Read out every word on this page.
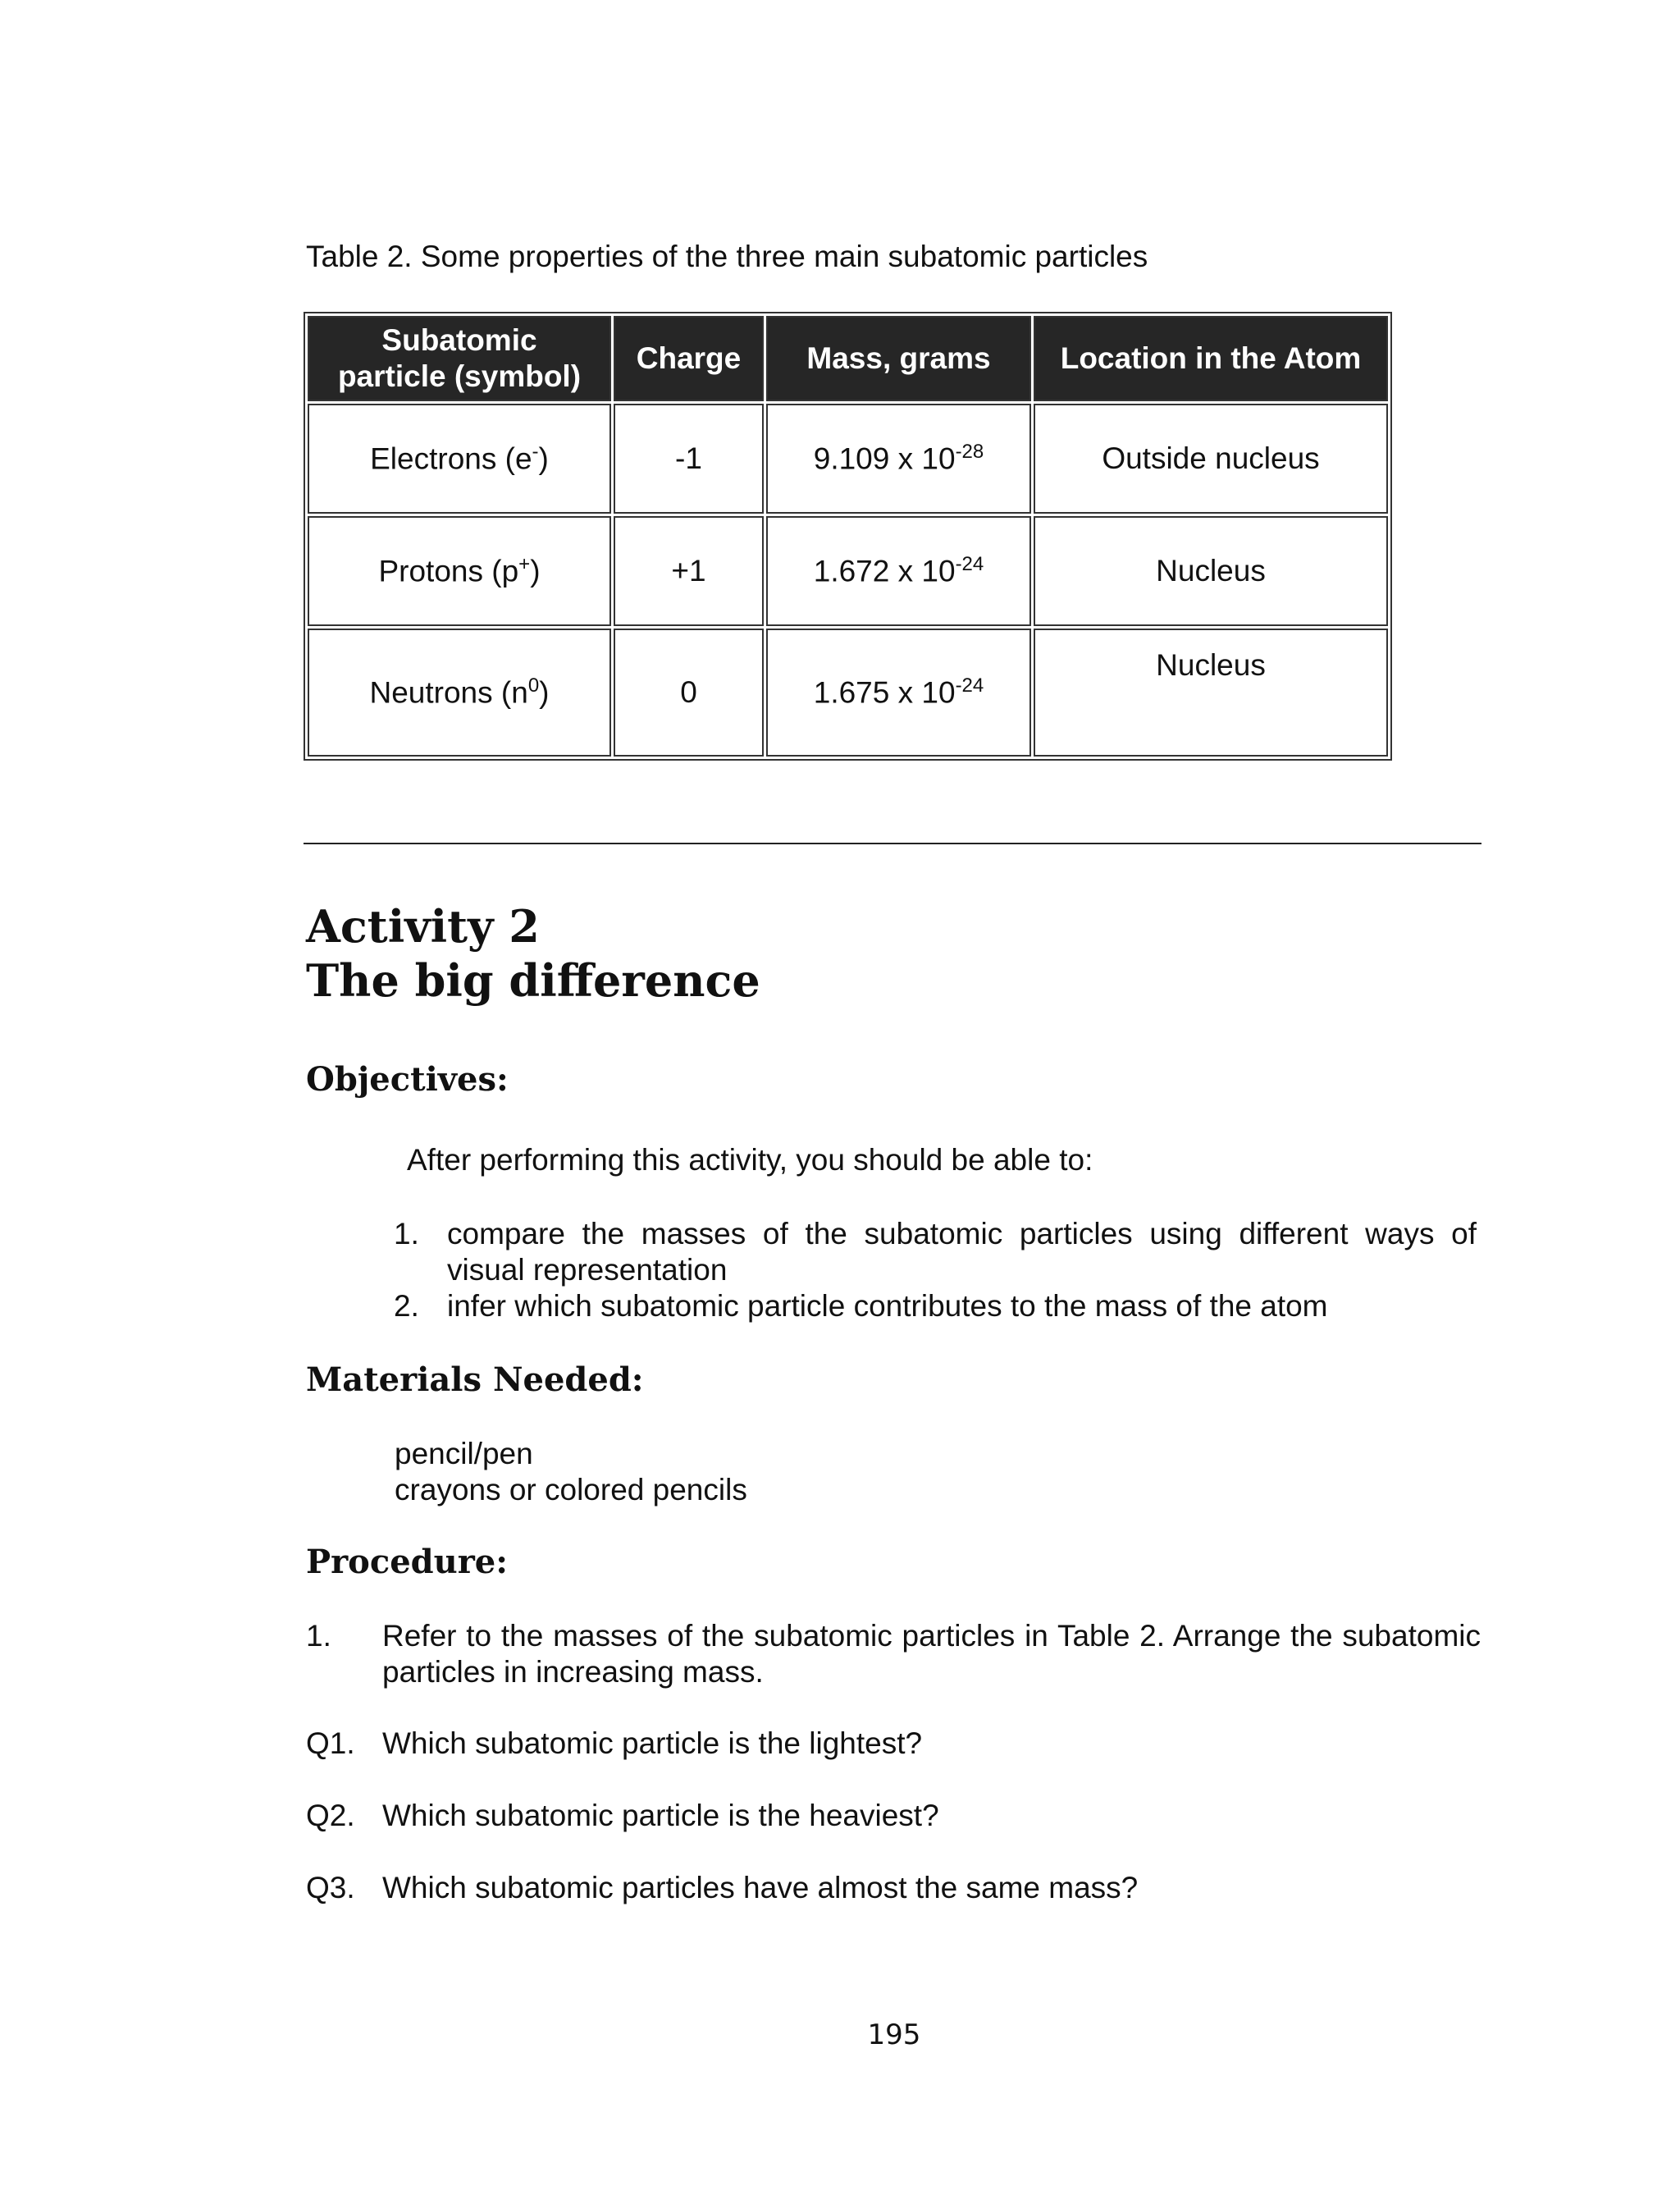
Table 2. Some properties of the three main subatomic particles
Subatomic
particle (symbol)	Charge	Mass, grams	Location in the Atom
Electrons (e-)	-1	9.109 x $10^{-28}$	Outside nucleus
Protons (p+)	+1	1.672 x $10^{-24}$	Nucleus
Neutrons $(n^0)$	0	1.675 x $10^{-24}$	Nucleus
Activity 2
The big difference
Objectives:
After performing this activity, you should be able to:
1. compare the masses of the subatomic particles using different ways of visual representation
2. infer which subatomic particle contributes to the mass of the atom
Materials Needed:
pencil/pen
crayons or colored pencils
Procedure:
1. Refer to the masses of the subatomic particles in Table 2. Arrange the subatomic particles in increasing mass.
Q1. Which subatomic particle is the lightest?
Q2. Which subatomic particle is the heaviest?
Q3. Which subatomic particles have almost the same mass?
195
